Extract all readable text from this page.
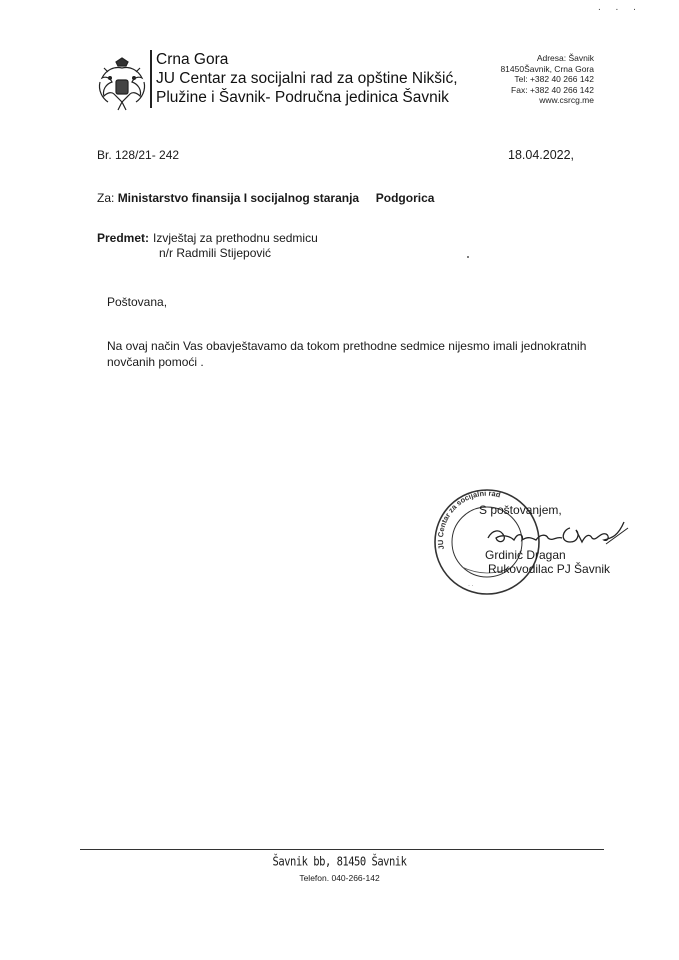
. . .
Crna Gora
JU Centar za socijalni rad za opštine Nikšić,
Plužine i Šavnik- Područna jedinica Šavnik
Adresa: Šavnik
81450Šavnik, Crna Gora
Tel: +382 40 266 142
Fax: +382 40 266 142
www.csrcg.me
Br. 128/21- 242	18.04.2022,
Za: Ministarstvo finansija I socijalnog staranja Podgorica
Predmet: Izvještaj za prethodnu sedmicu
n/r Radmili Stijepović
Poštovana,
Na ovaj način Vas obavještavamo da tokom prethodne sedmice nijesmo imali jednokratnih
novčanih pomoći .
JU Centar za socijalni rad
· ·
S poštovanjem,
Grdinić Dragan
Rukovodilac PJ Šavnik
Šavnik bb, 81450 Šavnik
Telefon. 040-266-142
